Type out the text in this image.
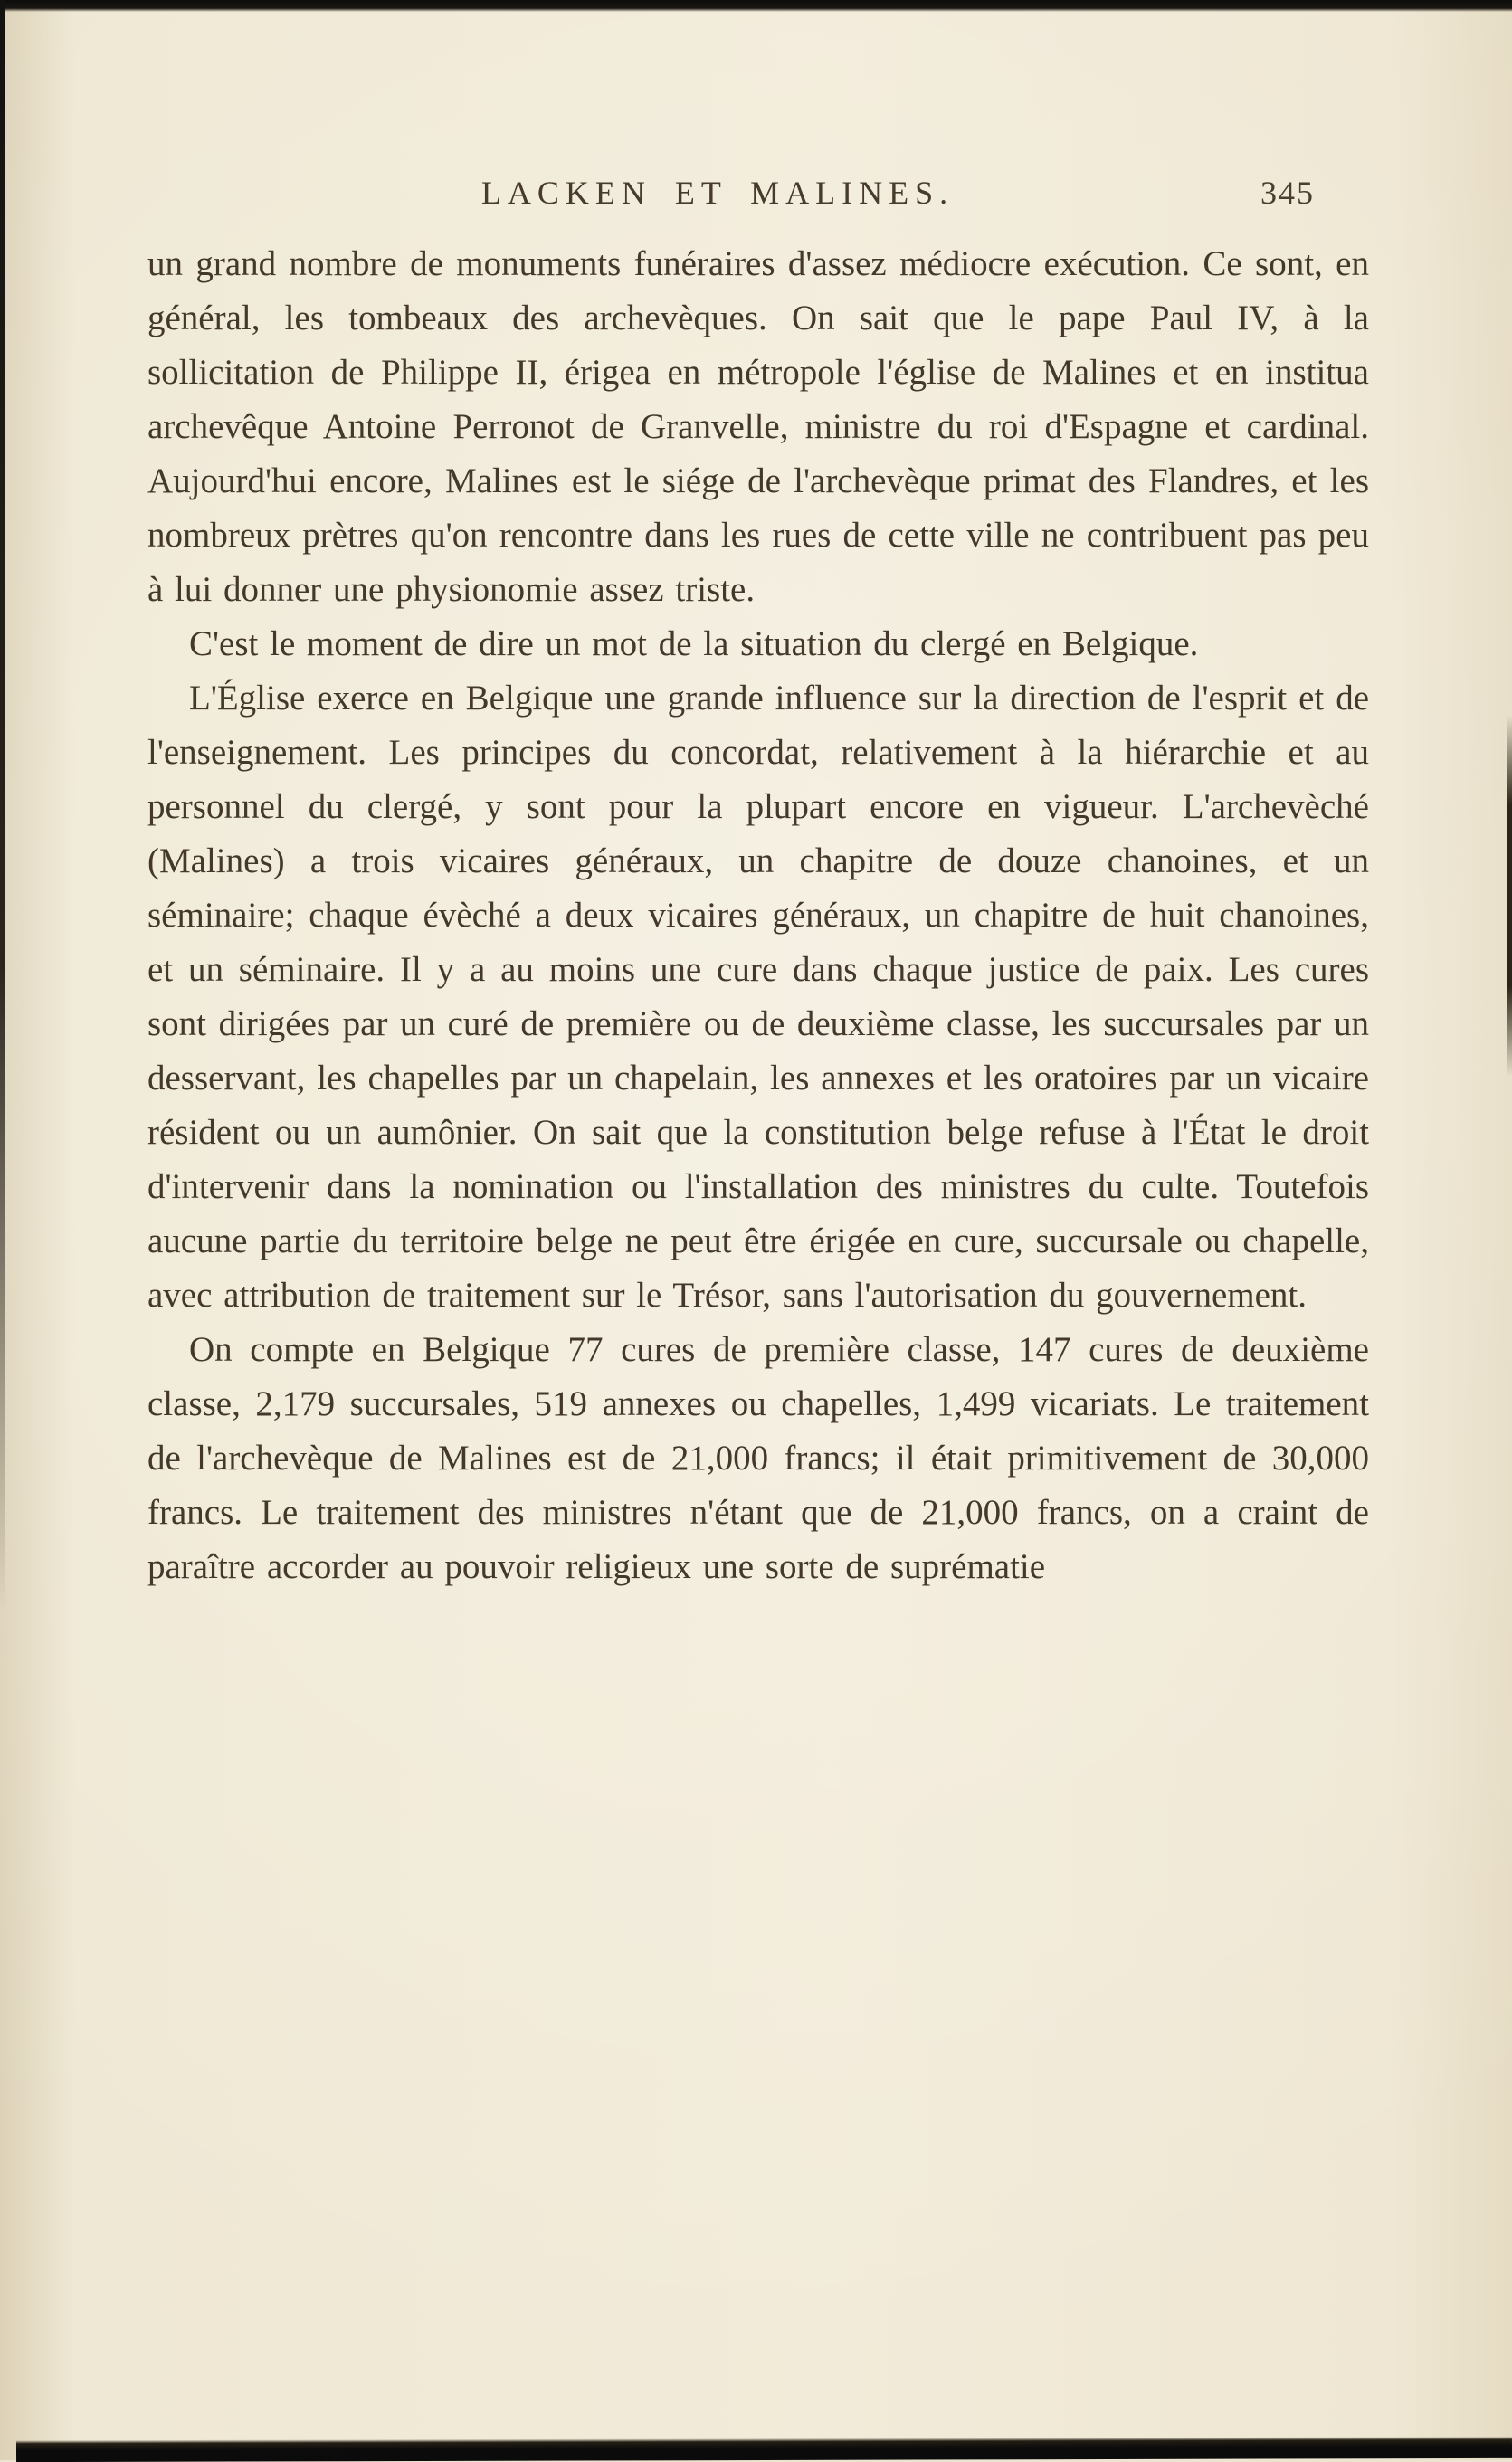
LACKEN ET MALINES.	345

un grand nombre de monuments funéraires d'assez médiocre exécution. Ce sont, en général, les tombeaux des archevèques. On sait que le pape Paul IV, à la sollicitation de Philippe II, érigea en métropole l'église de Malines et en institua archevêque Antoine Perronot de Granvelle, ministre du roi d'Espagne et cardinal. Aujourd'hui encore, Malines est le siége de l'archevèque primat des Flandres, et les nombreux prètres qu'on rencontre dans les rues de cette ville ne contribuent pas peu à lui donner une physionomie assez triste.

C'est le moment de dire un mot de la situation du clergé en Belgique.

L'Église exerce en Belgique une grande influence sur la direction de l'esprit et de l'enseignement. Les principes du concordat, relativement à la hiérarchie et au personnel du clergé, y sont pour la plupart encore en vigueur. L'archevèché (Malines) a trois vicaires généraux, un chapitre de douze chanoines, et un séminaire; chaque évèché a deux vicaires généraux, un chapitre de huit chanoines, et un séminaire. Il y a au moins une cure dans chaque justice de paix. Les cures sont dirigées par un curé de première ou de deuxième classe, les succursales par un desservant, les chapelles par un chapelain, les annexes et les oratoires par un vicaire résident ou un aumônier. On sait que la constitution belge refuse à l'État le droit d'intervenir dans la nomination ou l'installation des ministres du culte. Toutefois aucune partie du territoire belge ne peut être érigée en cure, succursale ou chapelle, avec attribution de traitement sur le Trésor, sans l'autorisation du gouvernement.

On compte en Belgique 77 cures de première classe, 147 cures de deuxième classe, 2,179 succursales, 519 annexes ou chapelles, 1,499 vicariats. Le traitement de l'archevèque de Malines est de 21,000 francs; il était primitivement de 30,000 francs. Le traitement des ministres n'étant que de 21,000 francs, on a craint de paraître accorder au pouvoir religieux une sorte de suprématie
